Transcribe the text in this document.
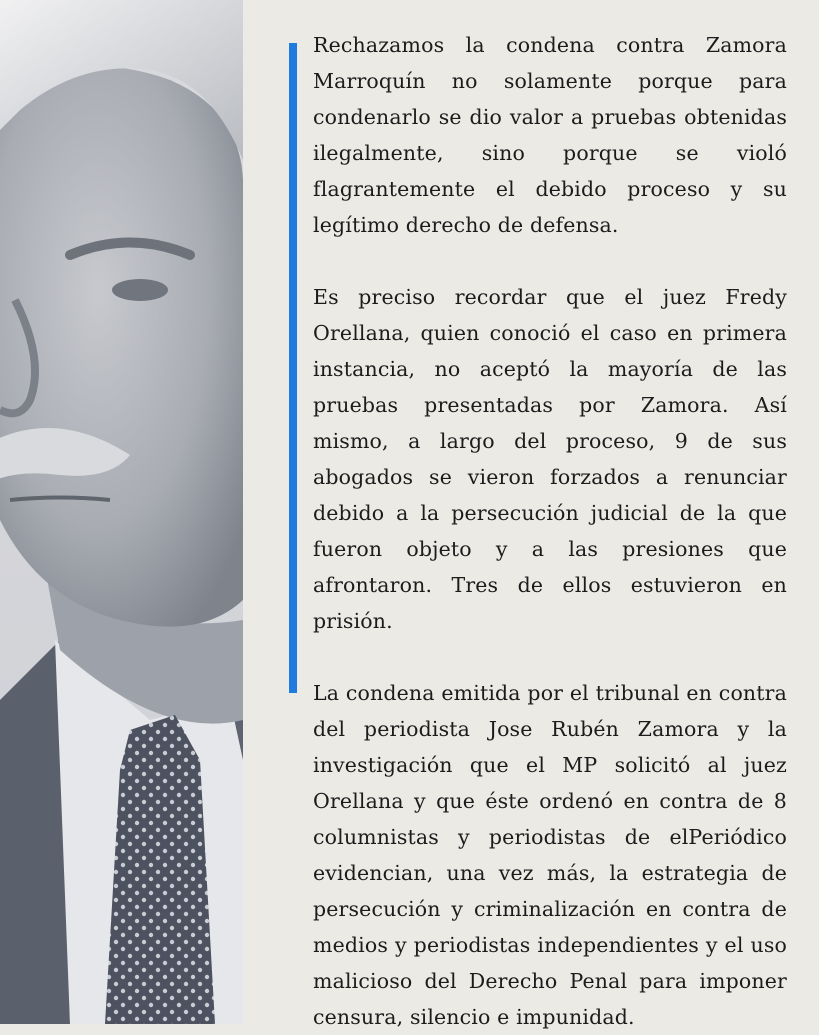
Rechazamos la condena contra Zamora Marroquín no solamente porque para condenarlo se dio valor a pruebas obtenidas ilegalmente, sino porque se violó flagrantemente el debido proceso y su legítimo derecho de defensa.

Es preciso recordar que el juez Fredy Orellana, quien conoció el caso en primera instancia, no aceptó la mayoría de las pruebas presentadas por Zamora. Así mismo, a largo del proceso, 9 de sus abogados se vieron forzados a renunciar debido a la persecución judicial de la que fueron objeto y a las presiones que afrontaron. Tres de ellos estuvieron en prisión.

La condena emitida por el tribunal en contra del periodista Jose Rubén Zamora y la investigación que el MP solicitó al juez Orellana y que éste ordenó en contra de 8 columnistas y periodistas de elPeriódico evidencian, una vez más, la estrategia de persecución y criminalización en contra de medios y periodistas independientes y el uso malicioso del Derecho Penal para imponer censura, silencio e impunidad.
